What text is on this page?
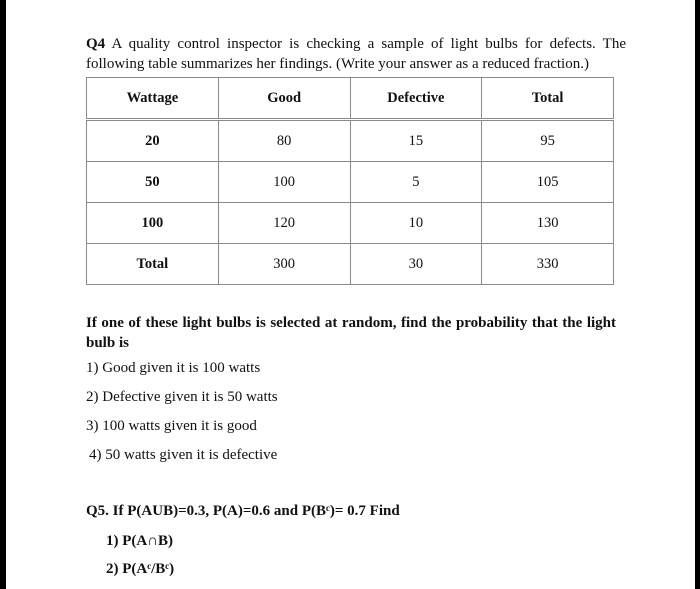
Q4 A quality control inspector is checking a sample of light bulbs for defects. The following table summarizes her findings. (Write your answer as a reduced fraction.)
Wattage	Good	Defective	Total
20	80	15	95
50	100	5	105
100	120	10	130
Total	300	30	330
If one of these light bulbs is selected at random, find the probability that the light bulb is
1) Good given it is 100 watts
2) Defective given it is 50 watts
3) 100 watts given it is good
4) 50 watts given it is defective
Q5. If P(AUB)=0.3, P(A)=0.6 and P(Bᶜ)= 0.7 Find
1) P(A∩B)
2) P(Aᶜ/Bᶜ)
